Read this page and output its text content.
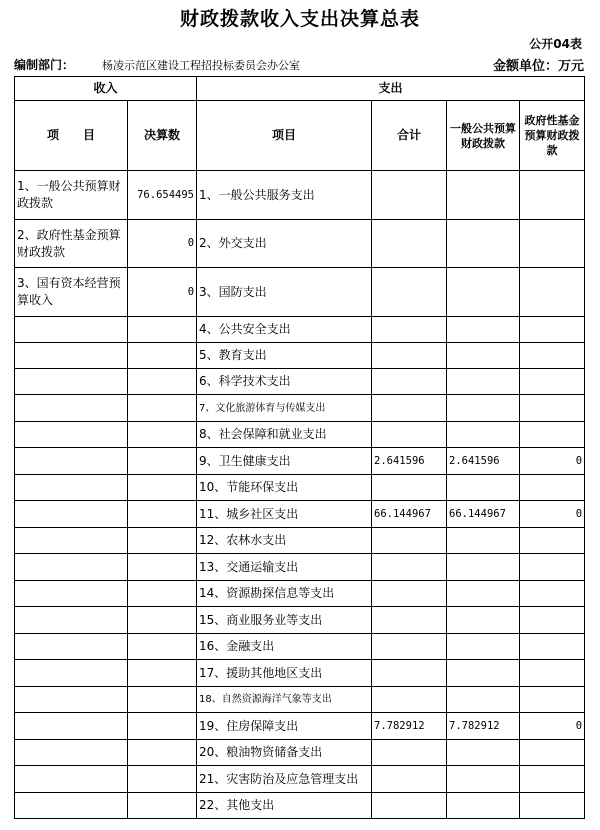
财政拨款收入支出决算总表
公开04表
编制部门：	杨凌示范区建设工程招投标委员会办公室	金额单位：万元
收入		支出			
项　　目	决算数	项目	合计	一般公共预算财政拨款	政府性基金预算财政拨款
1、一般公共预算财政拨款	76.654495	1、一般公共服务支出			
2、政府性基金预算财政拨款	0	2、外交支出			
3、国有资本经营预算收入	0	3、国防支出			
		4、公共安全支出			
		5、教育支出			
		6、科学技术支出			
		7、文化旅游体育与传媒支出			
		8、社会保障和就业支出			
		9、卫生健康支出	2.641596	2.641596	0
		10、节能环保支出			
		11、城乡社区支出	66.144967	66.144967	0
		12、农林水支出			
		13、交通运输支出			
		14、资源勘探信息等支出			
		15、商业服务业等支出			
		16、金融支出			
		17、援助其他地区支出			
		18、自然资源海洋气象等支出			
		19、住房保障支出	7.782912	7.782912	0
		20、粮油物资储备支出			
		21、灾害防治及应急管理支出			
		22、其他支出			
